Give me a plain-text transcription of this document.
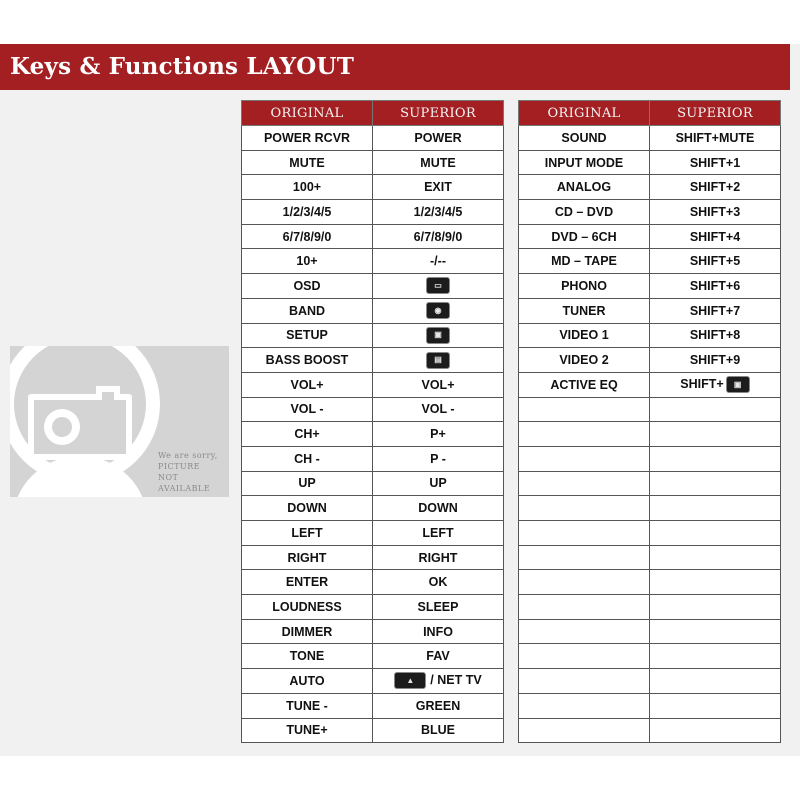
Keys & Functions LAYOUT
We are sorry,
PICTURE
NOT
AVAILABLE
ORIGINAL	SUPERIOR
POWER RCVR	POWER
MUTE	MUTE
100+	EXIT
1/2/3/4/5	1/2/3/4/5
6/7/8/9/0	6/7/8/9/0
10+	-/--
OSD	▭

BAND	◉

SETUP	▣

BASS BOOST	▤

VOL+	VOL+
VOL -	VOL -
CH+	P+
CH -	P -
UP	UP
DOWN	DOWN
LEFT	LEFT
RIGHT	RIGHT
ENTER	OK
LOUDNESS	SLEEP
DIMMER	INFO
TONE	FAV
AUTO	▲ / NET TV
TUNE -	GREEN
TUNE+	BLUE
ORIGINAL	SUPERIOR
SOUND	SHIFT+MUTE
INPUT MODE	SHIFT+1
ANALOG	SHIFT+2
CD – DVD	SHIFT+3
DVD – 6CH	SHIFT+4
MD – TAPE	SHIFT+5
PHONO	SHIFT+6
TUNER	SHIFT+7
VIDEO 1	SHIFT+8
VIDEO 2	SHIFT+9
ACTIVE EQ	SHIFT+ ▣
